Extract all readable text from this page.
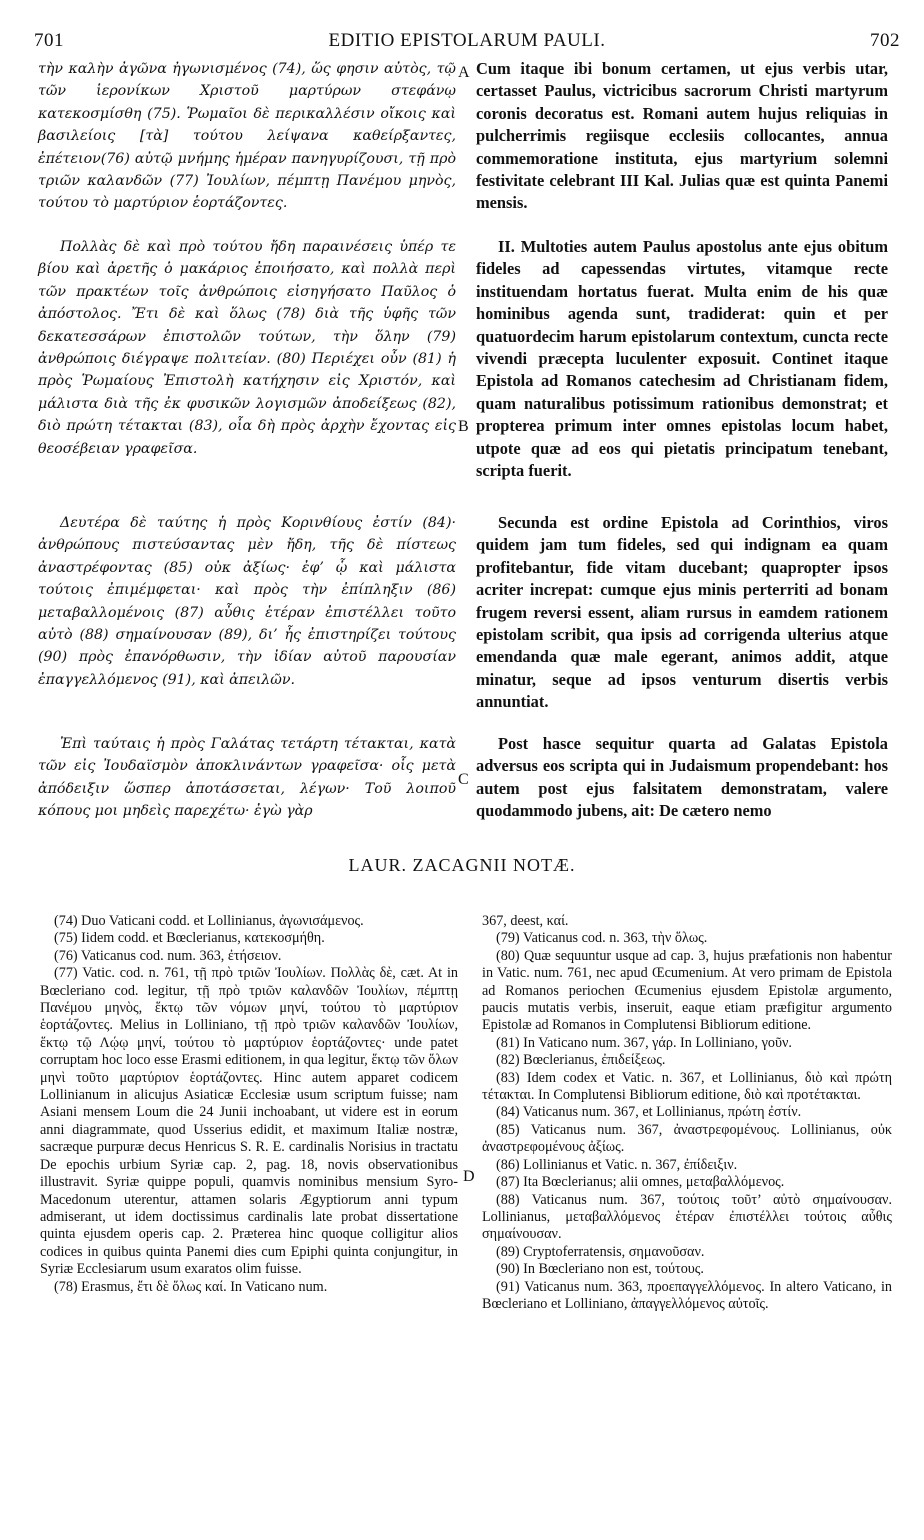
701	EDITIO EPISTOLARUM PAULI.	702

τὴν καλὴν ἀγῶνα ἠγωνισμένος (74), ὥς φησιν αὐτὸς, τῷ τῶν ἱερονίκων Χριστοῦ μαρτύρων στεφάνῳ κατεκοσμίσθη (75). Ῥωμαῖοι δὲ περικαλλέσιν οἴκοις καὶ βασιλείοις [τὰ] τούτου λείψανα καθείρξαντες, ἐπέτειον(76) αὐτῷ μνήμης ἡμέραν πανηγυρίζουσι, τῇ πρὸ τριῶν καλανδῶν (77) Ἰουλίων, πέμπτῃ Πανέμου μηνὸς, τούτου τὸ μαρτύριον ἑορτάζοντες.

Πολλὰς δὲ καὶ πρὸ τούτου ἤδη παραινέσεις ὑπέρ τε βίου καὶ ἀρετῆς ὁ μακάριος ἐποιήσατο, καὶ πολλὰ περὶ τῶν πρακτέων τοῖς ἀνθρώποις εἰσηγήσατο Παῦλος ὁ ἀπόστολος. Ἔτι δὲ καὶ ὅλως (78) διὰ τῆς ὑφῆς τῶν δεκατεσσάρων ἐπιστολῶν τούτων, τὴν ὅλην (79) ἀνθρώποις διέγραψε πολιτείαν. (80) Περιέχει οὖν (81) ἡ πρὸς Ῥωμαίους Ἐπιστολὴ κατήχησιν εἰς Χριστόν, καὶ μάλιστα διὰ τῆς ἐκ φυσικῶν λογισμῶν ἀποδείξεως (82), διὸ πρώτη τέτακται (83), οἷα δὴ πρὸς ἀρχὴν ἔχοντας εἰς θεοσέβειαν γραφεῖσα.

Δευτέρα δὲ ταύτης ἡ πρὸς Κορινθίους ἐστίν (84)· ἀνθρώπους πιστεύσαντας μὲν ἤδη, τῆς δὲ πίστεως ἀναστρέφοντας (85) οὐκ ἀξίως· ἐφ’ ᾧ καὶ μάλιστα τούτοις ἐπιμέμφεται· καὶ πρὸς τὴν ἐπίπληξιν (86) μεταβαλλομένοις (87) αὖθις ἑτέραν ἐπιστέλλει τοῦτο αὐτὸ (88) σημαίνουσαν (89), δι’ ἧς ἐπιστηρίζει τούτους (90) πρὸς ἐπανόρθωσιν, τὴν ἰδίαν αὐτοῦ παρουσίαν ἐπαγγελλόμενος (91), καὶ ἀπειλῶν.

Ἐπὶ ταύταις ἡ πρὸς Γαλάτας τετάρτη τέτακται, κατὰ τῶν εἰς Ἰουδαϊσμὸν ἀποκλινάντων γραφεῖσα· οἷς μετὰ ἀπόδειξιν ὥσπερ ἀποτάσσεται, λέγων· Τοῦ λοιποῦ κόπους μοι μηδεὶς παρεχέτω· ἐγὼ γὰρ

A
B
C
D

Cum itaque ibi bonum certamen, ut ejus verbis utar, certasset Paulus, victricibus sacrorum Christi martyrum coronis decoratus est. Romani autem hujus reliquias in pulcherrimis regiisque ecclesiis collocantes, annua commemoratione instituta, ejus martyrium solemni festivitate celebrant III Kal. Julias quæ est quinta Panemi mensis.

II. Multoties autem Paulus apostolus ante ejus obitum fideles ad capessendas virtutes, vitamque recte instituendam hortatus fuerat. Multa enim de his quæ hominibus agenda sunt, tradiderat: quin et per quatuordecim harum epistolarum contextum, cuncta recte vivendi præcepta luculenter exposuit. Continet itaque Epistola ad Romanos catechesim ad Christianam fidem, quam naturalibus potissimum rationibus demonstrat; et propterea primum inter omnes epistolas locum habet, utpote quæ ad eos qui pietatis principatum tenebant, scripta fuerit.

Secunda est ordine Epistola ad Corinthios, viros quidem jam tum fideles, sed qui indignam ea quam profitebantur, fide vitam ducebant; quapropter ipsos acriter increpat: cumque ejus minis perterriti ad bonam frugem reversi essent, aliam rursus in eamdem rationem epistolam scribit, qua ipsis ad corrigenda ulterius atque emendanda quæ male egerant, animos addit, atque minatur, seque ad ipsos venturum disertis verbis annuntiat.

Post hasce sequitur quarta ad Galatas Epistola adversus eos scripta qui in Judaismum propendebant: hos autem post ejus falsitatem demonstratam, valere quodammodo jubens, ait: De cætero nemo

LAUR. ZACAGNII NOTÆ.

(74) Duo Vaticani codd. et Lollinianus, ἀγωνισάμενος.

(75) Iidem codd. et Bœclerianus, κατεκοσμήθη.

(76) Vaticanus cod. num. 363, ἐτήσειον.

(77) Vatic. cod. n. 761, τῇ πρὸ τριῶν Ἰουλίων. Πολλὰς δὲ, cæt. At in Bœcleriano cod. legitur, τῇ πρὸ τριῶν καλανδῶν Ἰουλίων, πέμπτῃ Πανέμου μηνὸς, ἕκτῳ τῶν νόμων μηνί, τούτου τὸ μαρτύριον ἑορτάζοντες. Melius in Lolliniano, τῇ πρὸ τριῶν καλανδῶν Ἰουλίων, ἕκτῳ τῷ Λῴῳ μηνί, τούτου τὸ μαρτύριον ἑορτάζοντες· unde patet corruptam hoc loco esse Erasmi editionem, in qua legitur, ἕκτῳ τῶν ὅλων μηνὶ τοῦτο μαρτύριον ἑορτάζοντες. Hinc autem apparet codicem Lollinianum in alicujus Asiaticæ Ecclesiæ usum scriptum fuisse; nam Asiani mensem Loum die 24 Junii inchoabant, ut videre est in eorum anni diagrammate, quod Usserius edidit, et maximum Italiæ nostræ, sacræque purpuræ decus Henricus S. R. E. cardinalis Norisius in tractatu De epochis urbium Syriæ cap. 2, pag. 18, novis observationibus illustravit. Syriæ quippe populi, quamvis nominibus mensium Syro-Macedonum uterentur, attamen solaris Ægyptiorum anni typum admiserant, ut idem doctissimus cardinalis late probat dissertatione quinta ejusdem operis cap. 2. Præterea hinc quoque colligitur alios codices in quibus quinta Panemi dies cum Epiphi quinta conjungitur, in Syriæ Ecclesiarum usum exaratos olim fuisse.

(78) Erasmus, ἔτι δὲ ὅλως καί. In Vaticano num.

367, deest, καί.

(79) Vaticanus cod. n. 363, τὴν ὅλως.

(80) Quæ sequuntur usque ad cap. 3, hujus præfationis non habentur in Vatic. num. 761, nec apud Œcumenium. At vero primam de Epistola ad Romanos periochen Œcumenius ejusdem Epistolæ argumento, paucis mutatis verbis, inseruit, eaque etiam præfigitur argumento Epistolæ ad Romanos in Complutensi Bibliorum editione.

(81) In Vaticano num. 367, γάρ. In Lolliniano, γοῦν.

(82) Bœclerianus, ἐπιδείξεως.

(83) Idem codex et Vatic. n. 367, et Lollinianus, διὸ καὶ πρώτη τέτακται. In Complutensi Bibliorum editione, διὸ καὶ προτέτακται.

(84) Vaticanus num. 367, et Lollinianus, πρώτη ἐστίν.

(85) Vaticanus num. 367, ἀναστρεφομένους. Lollinianus, οὐκ ἀναστρεφομένους ἀξίως.

(86) Lollinianus et Vatic. n. 367, ἐπίδειξιν.

(87) Ita Bœclerianus; alii omnes, μεταβαλλόμενος.

(88) Vaticanus num. 367, τούτοις τοῦτ’ αὐτὸ σημαίνουσαν. Lollinianus, μεταβαλλόμενος ἑτέραν ἐπιστέλλει τούτοις αὖθις σημαίνουσαν.

(89) Cryptoferratensis, σημανοῦσαν.

(90) In Bœcleriano non est, τούτους.

(91) Vaticanus num. 363, προεπαγγελλόμενος. In altero Vaticano, in Bœcleriano et Lolliniano, ἀπαγγελλόμενος αὐτοῖς.
